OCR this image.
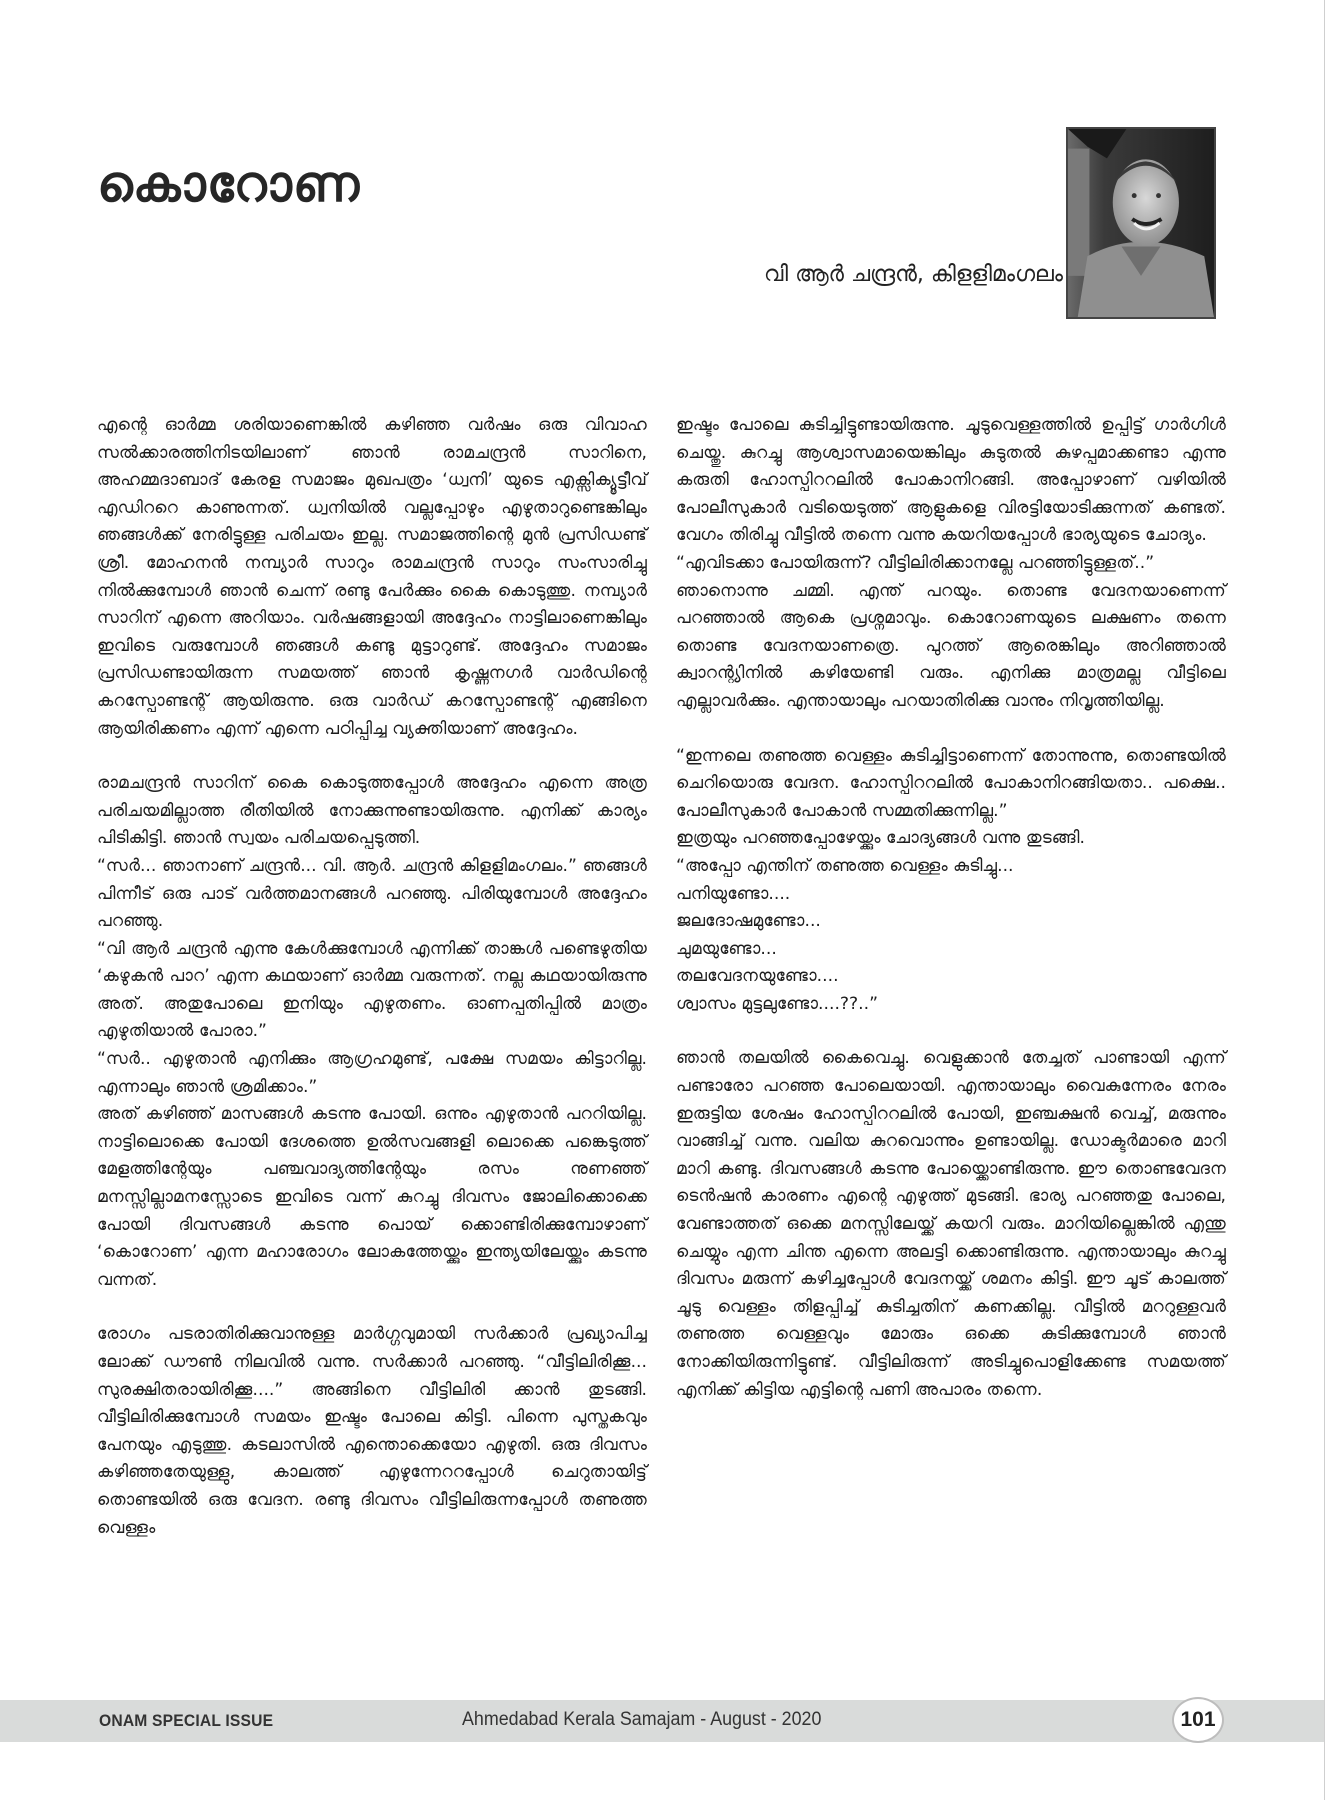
കൊറോണ
വി ആർ ചന്ദ്രൻ, കിളളിമംഗലം

എന്റെ ഓർമ്മ ശരിയാണെങ്കിൽ കഴിഞ്ഞ വർഷം ഒരു വിവാഹ സൽക്കാരത്തിനിടയിലാണ് ഞാൻ രാമചന്ദ്രൻ സാറിനെ, അഹമ്മദാബാദ് കേരള സമാജം മുഖപത്രം ‘ധ്വനി’ യുടെ എക്സിക്യൂട്ടീവ് എഡിററെ കാണുന്നത്. ധ്വനിയിൽ വല്ലപ്പോഴും എഴുതാറുണ്ടെങ്കിലും ഞങ്ങൾക്ക് നേരിട്ടുള്ള പരിചയം ഇല്ല. സമാജത്തിന്റെ മുൻ പ്രസിഡണ്ട് ശ്രീ. മോഹനൻ നമ്പ്യാർ സാറും രാമചന്ദ്രൻ സാറും സംസാരിച്ചു നിൽക്കുമ്പോൾ ഞാൻ ചെന്ന് രണ്ടു പേർക്കും കൈ കൊടുത്തു. നമ്പ്യാർ സാറിന് എന്നെ അറിയാം. വർഷങ്ങളായി അദ്ദേഹം നാട്ടിലാണെങ്കിലും ഇവിടെ വരുമ്പോൾ ഞങ്ങൾ കണ്ടു മുട്ടാറുണ്ട്. അദ്ദേഹം സമാജം പ്രസിഡണ്ടായിരുന്ന സമയത്ത് ഞാൻ കൃഷ്ണനഗർ വാർഡിന്റെ കറസ്പോണ്ടന്റ് ആയിരുന്നു. ഒരു വാർഡ് കറസ്പോണ്ടന്റ് എങ്ങിനെ ആയിരിക്കണം എന്ന് എന്നെ പഠിപ്പിച്ച വ്യക്തിയാണ് അദ്ദേഹം.

രാമചന്ദ്രൻ സാറിന് കൈ കൊടുത്തപ്പോൾ അദ്ദേഹം എന്നെ അത്ര പരിചയമില്ലാത്ത രീതിയിൽ നോക്കുന്നുണ്ടായിരുന്നു. എനിക്ക് കാര്യം പിടികിട്ടി. ഞാൻ സ്വയം പരിചയപ്പെടുത്തി.

“സർ... ഞാനാണ് ചന്ദ്രൻ... വി. ആർ. ചന്ദ്രൻ കിളളിമംഗലം.” ഞങ്ങൾ പിന്നീട് ഒരു പാട് വർത്തമാനങ്ങൾ പറഞ്ഞു. പിരിയുമ്പോൾ അദ്ദേഹം പറഞ്ഞു.

“വി ആർ ചന്ദ്രൻ എന്നു കേൾക്കുമ്പോൾ എന്നിക്ക് താങ്കൾ പണ്ടെഴുതിയ ‘കഴുകൻ പാറ’ എന്ന കഥയാണ് ഓർമ്മ വരുന്നത്. നല്ല കഥയായിരുന്നു അത്. അതുപോലെ ഇനിയും എഴുതണം. ഓണപ്പതിപ്പിൽ മാത്രം എഴുതിയാൽ പോരാ.”

“സർ.. എഴുതാൻ എനിക്കും ആഗ്രഹമുണ്ട്, പക്ഷേ സമയം കിട്ടാറില്ല. എന്നാലും ഞാൻ ശ്രമിക്കാം.”

അത് കഴിഞ്ഞ് മാസങ്ങൾ കടന്നു പോയി. ഒന്നും എഴുതാൻ പററിയില്ല. നാട്ടിലൊക്കെ പോയി ദേശത്തെ ഉൽസവങ്ങളി ലൊക്കെ പങ്കെടുത്ത് മേളത്തിന്റേയും പഞ്ചവാദ്യത്തിന്റേയും രസം നുണഞ്ഞ് മനസ്സില്ലാമനസ്സോടെ ഇവിടെ വന്ന് കുറച്ചു ദിവസം ജോലിക്കൊക്കെ പോയി ദിവസങ്ങൾ കടന്നു പൊയ് ക്കൊണ്ടിരിക്കുമ്പോഴാണ് ‘കൊറോണ’ എന്ന മഹാരോഗം ലോകത്തേയ്ക്കും ഇന്ത്യയിലേയ്ക്കും കടന്നു വന്നത്.

രോഗം പടരാതിരിക്കുവാനുള്ള മാർഗ്ഗവുമായി സർക്കാർ പ്രഖ്യാപിച്ച ലോക്ക് ഡൗൺ നിലവിൽ വന്നു. സർക്കാർ പറഞ്ഞു. “വീട്ടിലിരിക്കൂ... സുരക്ഷിതരായിരിക്കൂ....” അങ്ങിനെ വീട്ടിലിരി ക്കാൻ തുടങ്ങി. വീട്ടിലിരിക്കുമ്പോൾ സമയം ഇഷ്ടം പോലെ കിട്ടി. പിന്നെ പുസ്തകവും പേനയും എടുത്തു. കടലാസിൽ എന്തൊക്കെയോ എഴുതി. ഒരു ദിവസം കഴിഞ്ഞതേയുള്ളു, കാലത്ത് എഴുന്നേററപ്പോൾ ചെറുതായിട്ട് തൊണ്ടയിൽ ഒരു വേദന. രണ്ടു ദിവസം വീട്ടിലിരുന്നപ്പോൾ തണുത്ത വെള്ളം

ഇഷ്ടം പോലെ കുടിച്ചിട്ടുണ്ടായിരുന്നു. ചൂടുവെള്ളത്തിൽ ഉപ്പിട്ട് ഗാർഗിൾ ചെയ്തു. കുറച്ചു ആശ്വാസമായെങ്കിലും കുടുതൽ കുഴപ്പമാക്കണ്ടാ എന്നു കരുതി ഹോസ്പിററലിൽ പോകാനിറങ്ങി. അപ്പോഴാണ് വഴിയിൽ പോലീസുകാർ വടിയെടുത്ത് ആളുകളെ വിരട്ടിയോടിക്കുന്നത് കണ്ടത്. വേഗം തിരിച്ചു വീട്ടിൽ തന്നെ വന്നു കയറിയപ്പോൾ ഭാര്യയുടെ ചോദ്യം.

“എവിടക്കാ പോയിരുന്ന്? വീട്ടിലിരിക്കാനല്ലേ പറഞ്ഞിട്ടുള്ളത്..”

ഞാനൊന്നു ചമ്മി. എന്ത് പറയും. തൊണ്ട വേദനയാണെന്ന് പറഞ്ഞാൽ ആകെ പ്രശ്നമാവും. കൊറോണയുടെ ലക്ഷണം തന്നെ തൊണ്ട വേദനയാണത്രെ. പുറത്ത് ആരെങ്കിലും അറിഞ്ഞാൽ ക്വാറന്റ്യിനിൽ കഴിയേണ്ടി വരും. എനിക്കു മാത്രമല്ല വീട്ടിലെ എല്ലാവർക്കും. എന്തായാലും പറയാതിരിക്കു വാനും നിവൃത്തിയില്ല.

“ഇന്നലെ തണുത്ത വെള്ളം കുടിച്ചിട്ടാണെന്ന് തോന്നുന്നു, തൊണ്ടയിൽ ചെറിയൊരു വേദന. ഹോസ്പിററലിൽ പോകാനിറങ്ങിയതാ.. പക്ഷെ.. പോലീസുകാർ പോകാൻ സമ്മതിക്കുന്നില്ല.”

ഇത്രയും പറഞ്ഞപ്പോഴേയ്ക്കും ചോദ്യങ്ങൾ വന്നു തുടങ്ങി.

“അപ്പോ എന്തിന് തണുത്ത വെള്ളം കുടിച്ചു...
പനിയുണ്ടോ....
ജലദോഷമുണ്ടോ...
ചുമയുണ്ടോ...
തലവേദനയുണ്ടോ....
ശ്വാസം മുട്ടലുണ്ടോ....??..”

ഞാൻ തലയിൽ കൈവെച്ചു. വെളുക്കാൻ തേച്ചത് പാണ്ടായി എന്ന് പണ്ടാരോ പറഞ്ഞ പോലെയായി. എന്തായാലും വൈകുന്നേരം നേരം ഇരുട്ടിയ ശേഷം ഹോസ്പിററലിൽ പോയി, ഇഞ്ചക്ഷൻ വെച്ച്, മരുന്നും വാങ്ങിച്ച് വന്നു. വലിയ കുറവൊന്നും ഉണ്ടായില്ല. ഡോക്ടർമാരെ മാറി മാറി കണ്ടു. ദിവസങ്ങൾ കടന്നു പോയ്ക്കൊണ്ടിരുന്നു. ഈ തൊണ്ടവേദന ടെൻഷൻ കാരണം എന്റെ എഴുത്ത് മുടങ്ങി. ഭാര്യ പറഞ്ഞതു പോലെ, വേണ്ടാത്തത് ഒക്കെ മനസ്സിലേയ്ക്ക് കയറി വരും. മാറിയില്ലെങ്കിൽ എന്തു ചെയ്യും എന്ന ചിന്ത എന്നെ അലട്ടി ക്കൊണ്ടിരുന്നു. എന്തായാലും കുറച്ചു ദിവസം മരുന്ന് കഴിച്ചപ്പോൾ വേദനയ്ക്ക് ശമനം കിട്ടി. ഈ ചൂട് കാലത്ത് ചൂടു വെള്ളം തിളപ്പിച്ച് കുടിച്ചതിന് കണക്കില്ല. വീട്ടിൽ മററുള്ളവർ തണുത്ത വെള്ളവും മോരും ഒക്കെ കുടിക്കുമ്പോൾ ഞാൻ നോക്കിയിരുന്നിട്ടുണ്ട്. വീട്ടിലിരുന്ന് അടിച്ചുപൊളിക്കേണ്ട സമയത്ത് എനിക്ക് കിട്ടിയ എട്ടിന്റെ പണി അപാരം തന്നെ.

ONAM SPECIAL ISSUE	Ahmedabad Kerala Samajam - August - 2020	101
